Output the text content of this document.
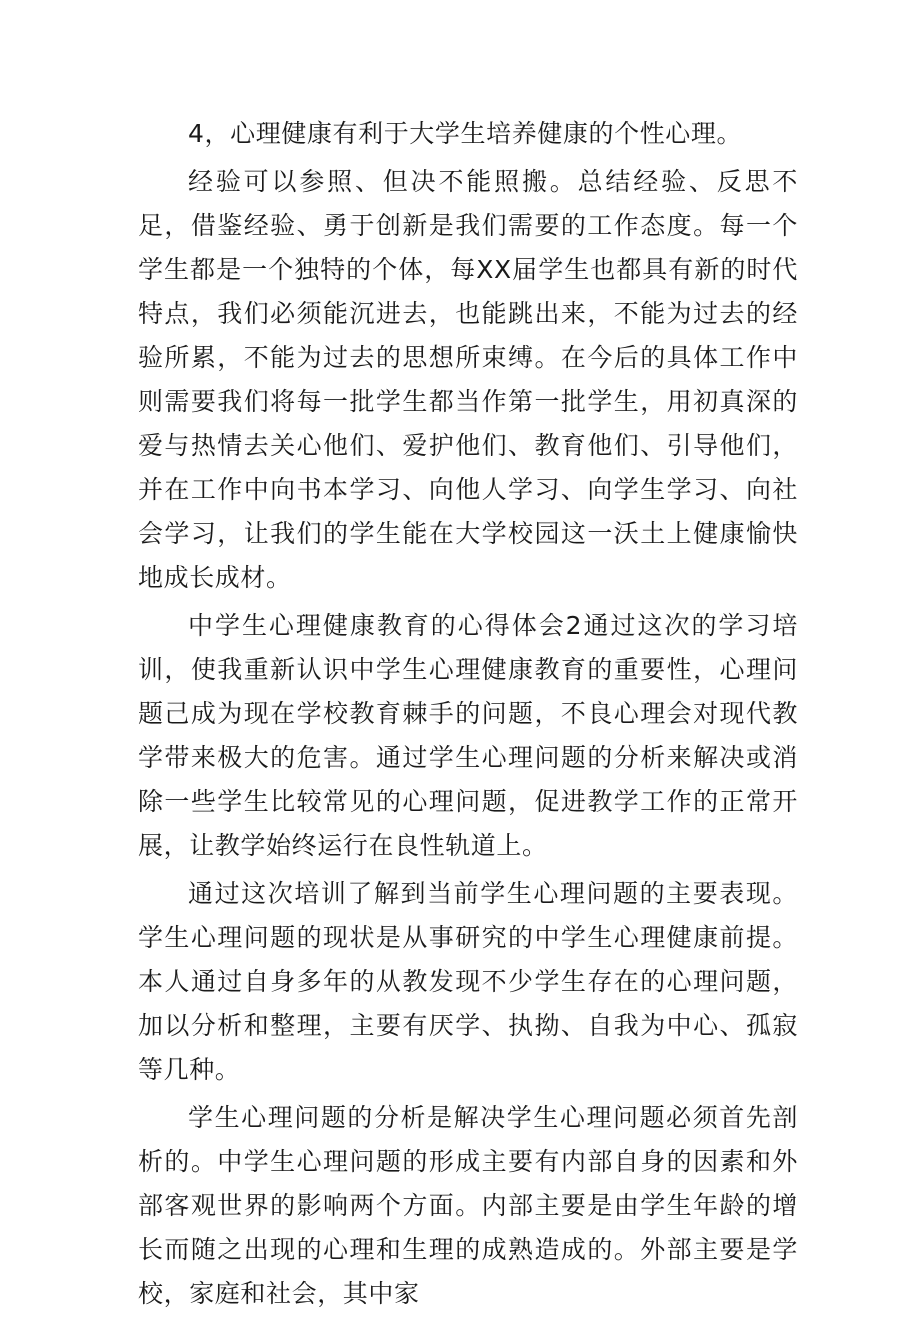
4，心理健康有利于大学生培养健康的个性心理。

经验可以参照、但决不能照搬。总结经验、反思不足，借鉴经验、勇于创新是我们需要的工作态度。每一个学生都是一个独特的个体，每XX届学生也都具有新的时代特点，我们必须能沉进去，也能跳出来，不能为过去的经验所累，不能为过去的思想所束缚。在今后的具体工作中则需要我们将每一批学生都当作第一批学生，用初真深的爱与热情去关心他们、爱护他们、教育他们、引导他们，并在工作中向书本学习、向他人学习、向学生学习、向社会学习，让我们的学生能在大学校园这一沃土上健康愉快地成长成材。

中学生心理健康教育的心得体会2通过这次的学习培训，使我重新认识中学生心理健康教育的重要性，心理问题己成为现在学校教育棘手的问题，不良心理会对现代教学带来极大的危害。通过学生心理问题的分析来解决或消除一些学生比较常见的心理问题，促进教学工作的正常开展，让教学始终运行在良性轨道上。

通过这次培训了解到当前学生心理问题的主要表现。学生心理问题的现状是从事研究的中学生心理健康前提。本人通过自身多年的从教发现不少学生存在的心理问题，加以分析和整理，主要有厌学、执拗、自我为中心、孤寂等几种。

学生心理问题的分析是解决学生心理问题必须首先剖析的。中学生心理问题的形成主要有内部自身的因素和外部客观世界的影响两个方面。内部主要是由学生年龄的增长而随之出现的心理和生理的成熟造成的。外部主要是学校，家庭和社会，其中家
